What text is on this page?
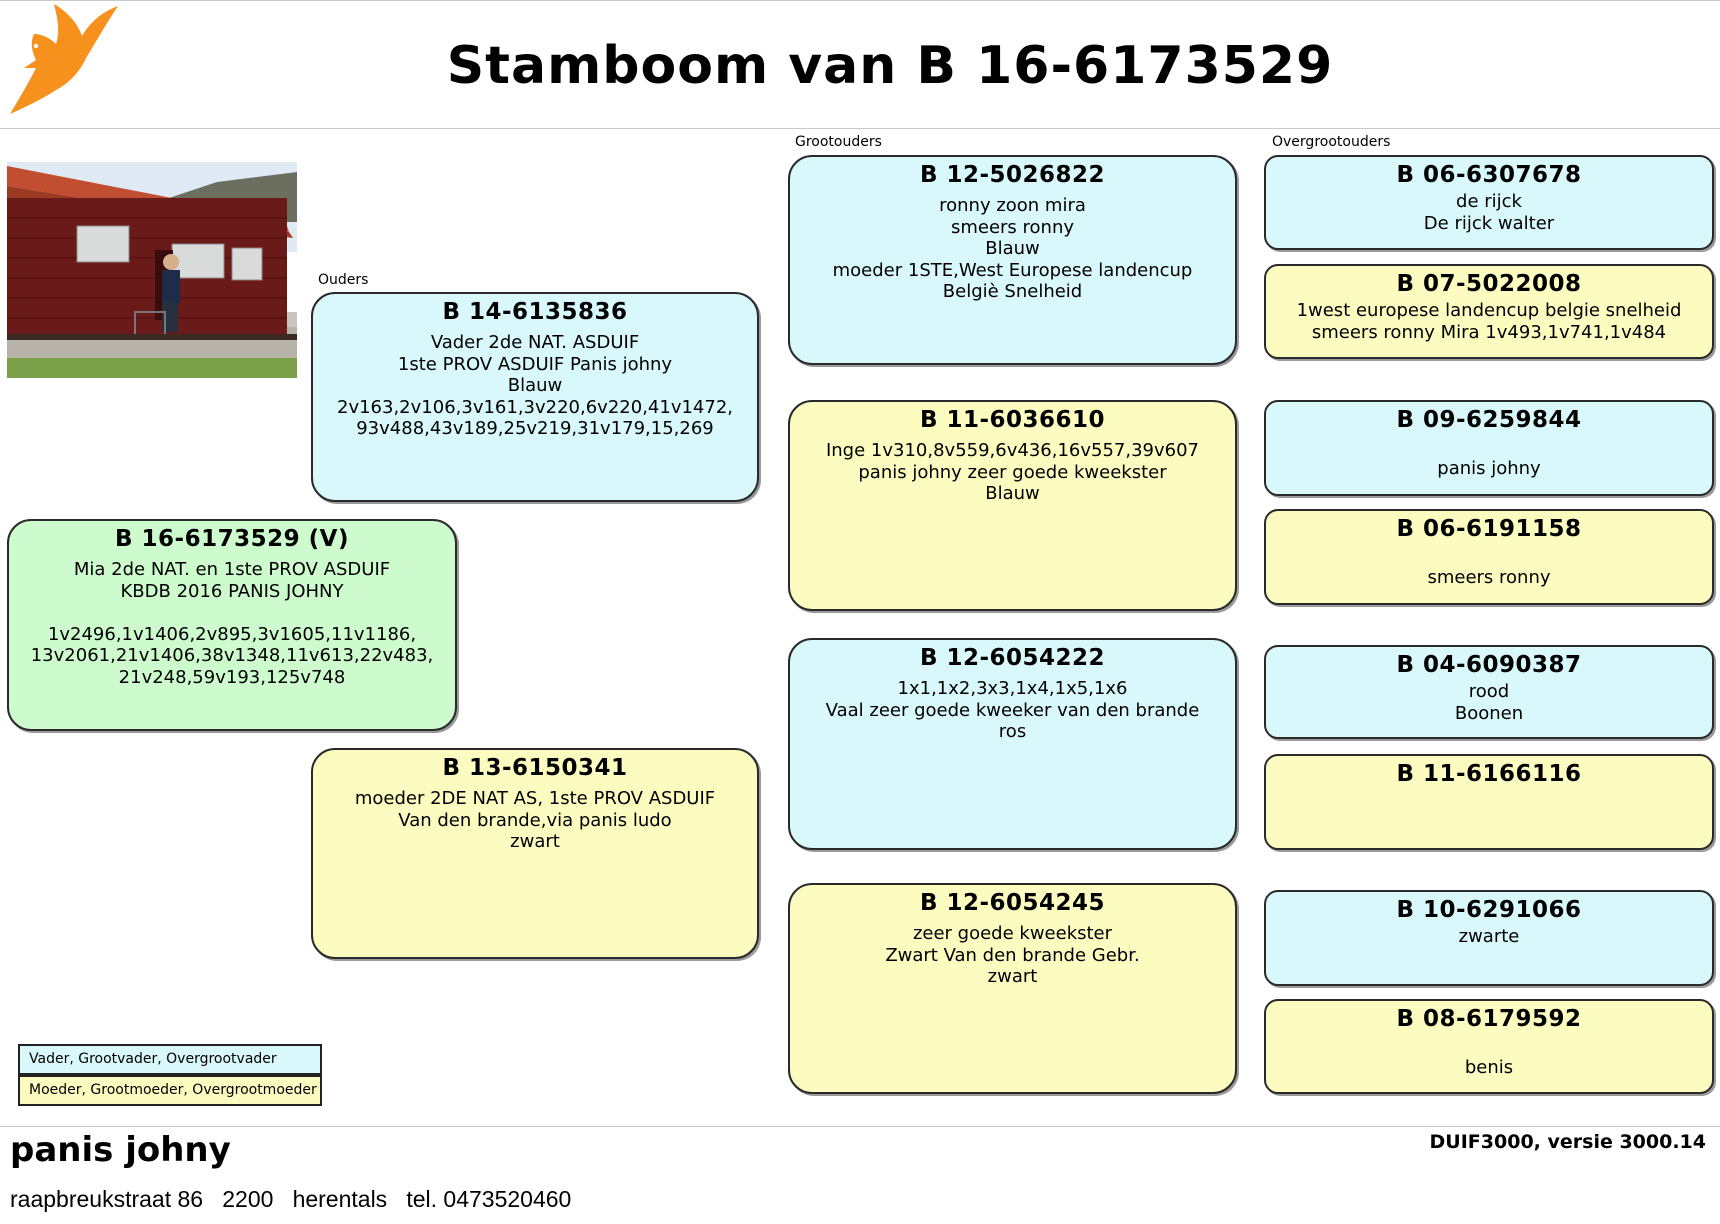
Stamboom van B 16-6173529
Ouders
Grootouders	Overgrootouders
B 16-6173529 (V)
Mia 2de NAT. en 1ste PROV ASDUIF
KBDB 2016 PANIS JOHNY

1v2496,1v1406,2v895,3v1605,11v1186,
13v2061,21v1406,38v1348,11v613,22v483,
21v248,59v193,125v748
B 14-6135836
Vader 2de NAT. ASDUIF
1ste PROV ASDUIF Panis johny
Blauw
2v163,2v106,3v161,3v220,6v220,41v1472,
93v488,43v189,25v219,31v179,15,269
B 13-6150341
moeder 2DE NAT AS, 1ste PROV ASDUIF
Van den brande,via panis ludo
zwart
B 12-5026822
ronny zoon mira
smeers ronny
Blauw
moeder 1STE,West Europese landencup
Belgiè Snelheid
B 11-6036610
Inge 1v310,8v559,6v436,16v557,39v607
panis johny zeer goede kweekster
Blauw
B 12-6054222
1x1,1x2,3x3,1x4,1x5,1x6
Vaal zeer goede kweeker van den brande
ros
B 12-6054245
zeer goede kweekster
Zwart Van den brande Gebr.
zwart
B 06-6307678
de rijck
De rijck walter
B 07-5022008
1west europese landencup belgie snelheid
smeers ronny Mira 1v493,1v741,1v484
B 09-6259844

panis johny
B 06-6191158

smeers ronny
B 04-6090387
rood
Boonen
B 11-6166116
B 10-6291066
zwarte
B 08-6179592

benis
Vader, Grootvader, Overgrootvader
Moeder, Grootmoeder, Overgrootmoeder
panis johny
raapbreukstraat 86   2200   herentals   tel. 0473520460
DUIF3000, versie 3000.14
